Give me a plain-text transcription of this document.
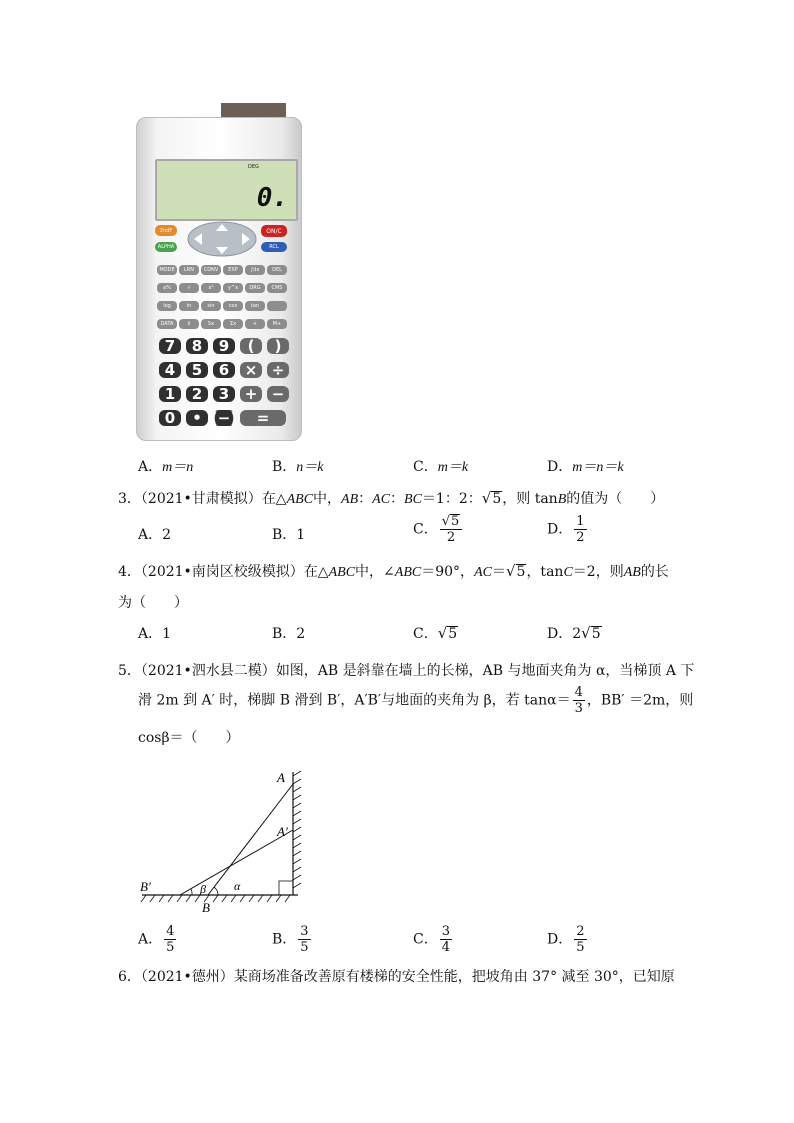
DEG
0.
2ndF
ALPHA
ON/C
RCL
MODE	LRN	CONV	EXP	∫dx	DEL
a%	√	x²	y^x	DRG	CMS
log	ln	sin	cos	tan
DATA	x̄	Sx	Σx	+	M+
7	8	9	(	)
4	5	6	× ÷
1	2	3	+ −
0	• (−)	=
A．m＝n	B．n＝k	C．m＝k	D．m＝n＝k
3．（2021•甘肃模拟）在△ABC中，AB：AC：BC＝1：2：√5，则 tanB的值为（　　）
A．2	B．1	C． $\frac{√5}{2}$	D． $\frac{1}{2}$
4．（2021•南岗区校级模拟）在△ABC中，∠ABC＝90°，AC＝√5，tanC＝2，则AB的长
为（　　）
A．1	B．2	C．√5	D．2√5
5．（2021•泗水县二模）如图，AB 是斜靠在墙上的长梯，AB 与地面夹角为 α，当梯顶 A 下
滑 2m 到 A′ 时，梯脚 B 滑到 B′，A′B′与地面的夹角为 β，若 $\tan\alpha= \frac{4}{3}$ ，BB′ ＝2m，则
cosβ＝（　　）
A
A′
B′
B
α
β
A． $\frac{4}{5}$	B． $\frac{3}{5}$	C． $\frac{3}{4}$	D． $\frac{2}{5}$
6．（2021•德州）某商场准备改善原有楼梯的安全性能，把坡角由 37° 减至 30°，已知原
